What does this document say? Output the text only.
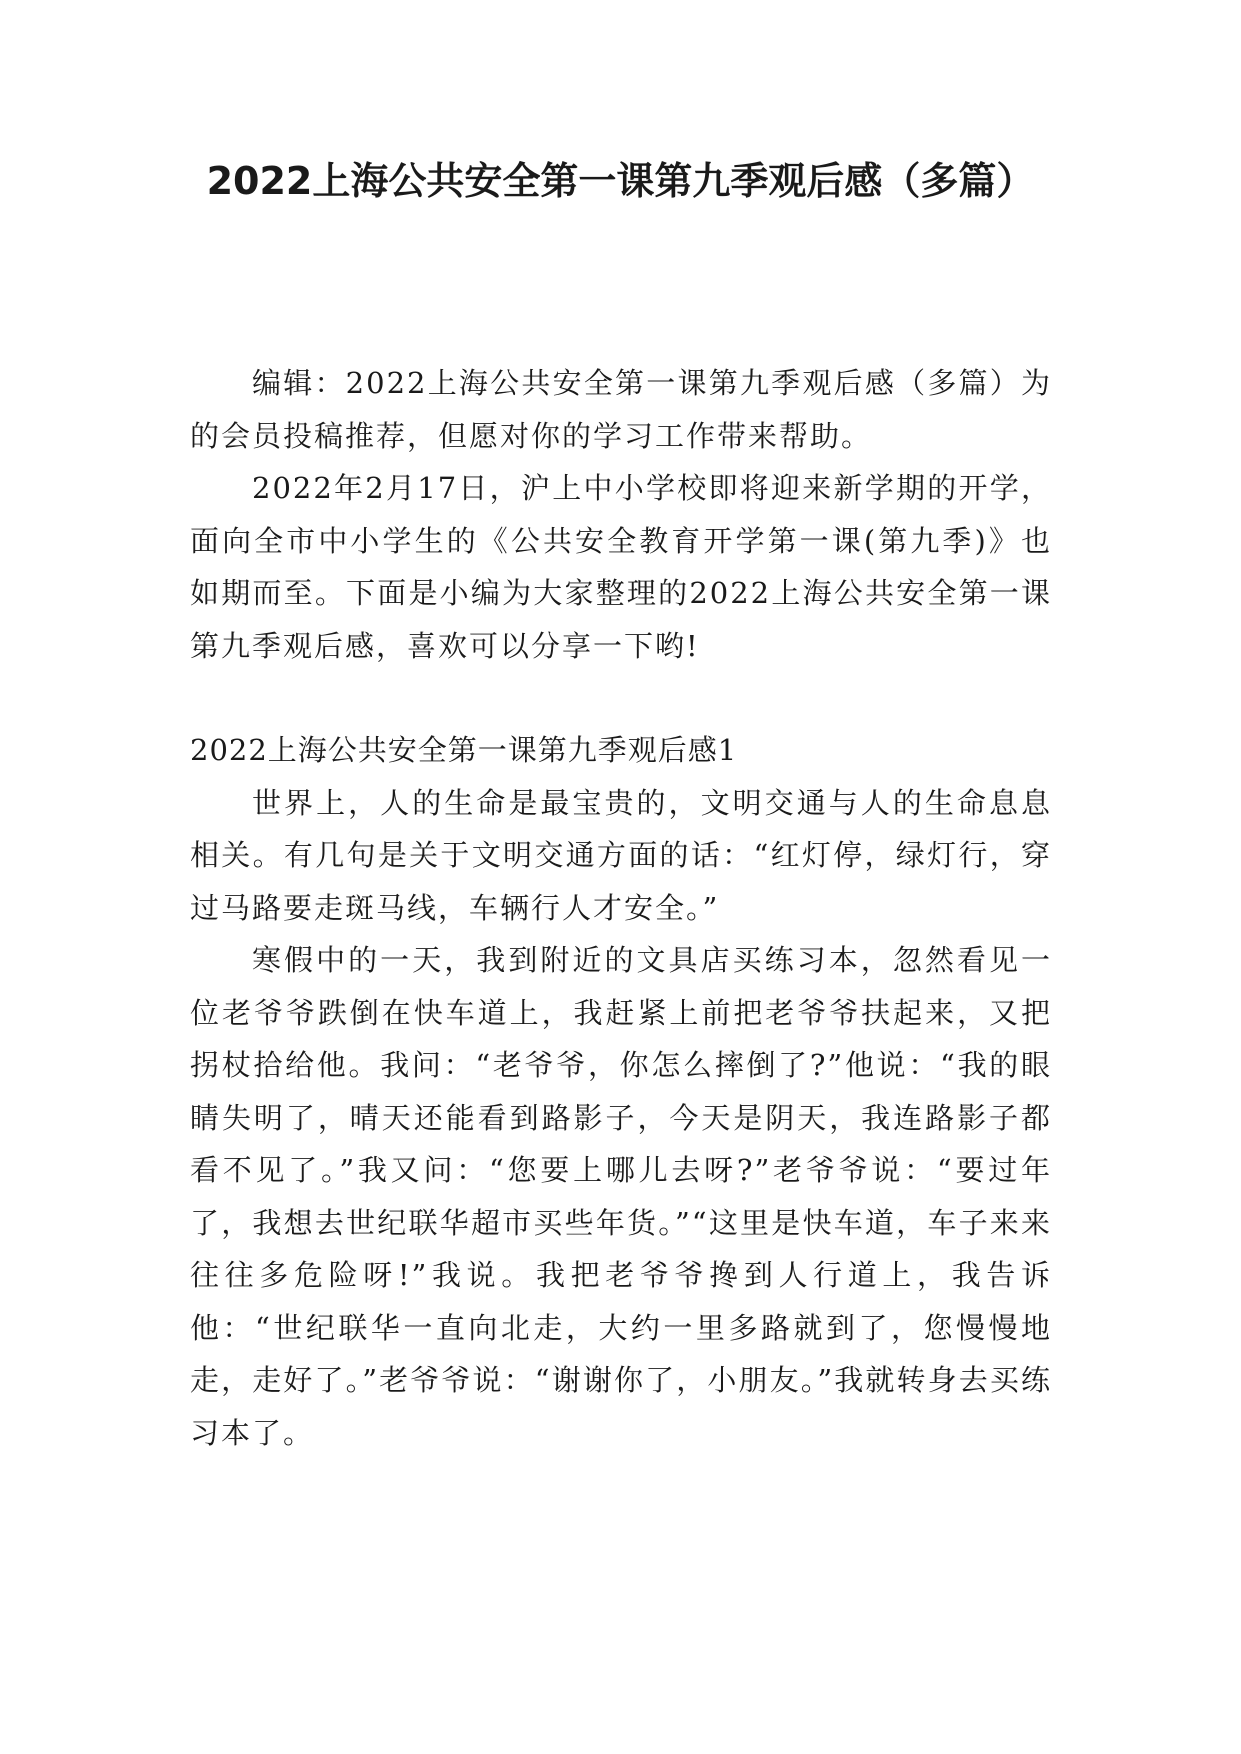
2022上海公共安全第一课第九季观后感（多篇）

编辑：2022上海公共安全第一课第九季观后感（多篇）为的会员投稿推荐，但愿对你的学习工作带来帮助。

2022年2月17日，沪上中小学校即将迎来新学期的开学，面向全市中小学生的《公共安全教育开学第一课(第九季)》也如期而至。下面是小编为大家整理的2022上海公共安全第一课第九季观后感，喜欢可以分享一下哟!

2022上海公共安全第一课第九季观后感1

世界上，人的生命是最宝贵的，文明交通与人的生命息息相关。有几句是关于文明交通方面的话：“红灯停，绿灯行，穿过马路要走斑马线，车辆行人才安全。”

寒假中的一天，我到附近的文具店买练习本，忽然看见一位老爷爷跌倒在快车道上，我赶紧上前把老爷爷扶起来，又把拐杖拾给他。我问：“老爷爷，你怎么摔倒了?”他说：“我的眼睛失明了，晴天还能看到路影子，今天是阴天，我连路影子都看不见了。”我又问：“您要上哪儿去呀?”老爷爷说：“要过年了，我想去世纪联华超市买些年货。”“这里是快车道，车子来来往往多危险呀!”我说。我把老爷爷搀到人行道上，我告诉他：“世纪联华一直向北走，大约一里多路就到了，您慢慢地走，走好了。”老爷爷说：“谢谢你了，小朋友。”我就转身去买练习本了。
